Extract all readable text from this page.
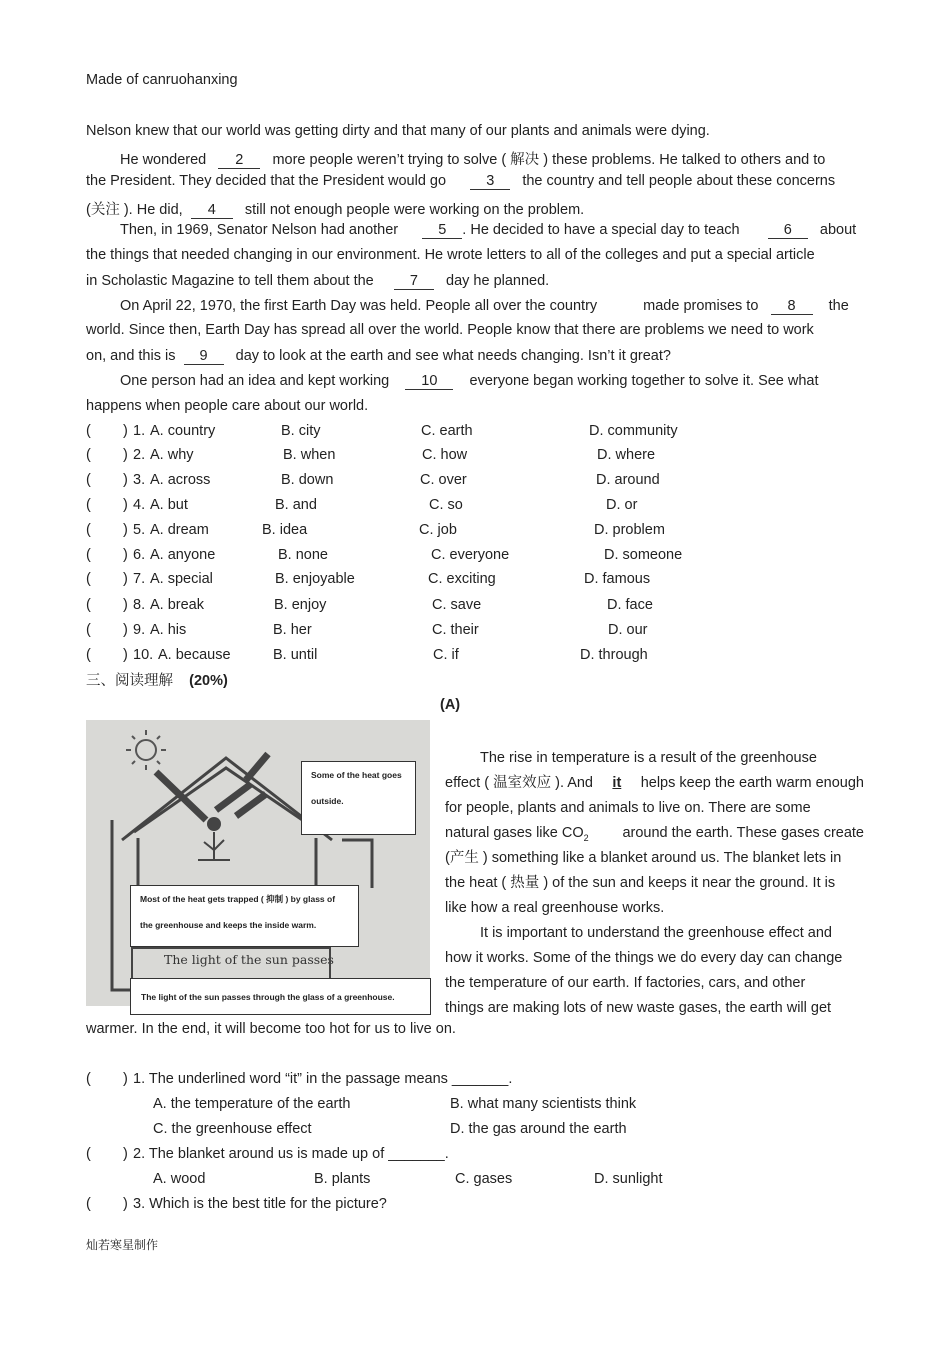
Made of canruohanxing
Nelson knew that our world was getting dirty and that many of our plants and animals were dying.
He wondered 2 more people weren’t trying to solve ( 解决 ) these problems. He talked to others and to
the President. They decided that the President would go	3 the country and tell people about these concerns
(关注 ). He did, 4 still not enough people were working on the problem.
Then, in 1969, Senator Nelson had another	5 . He decided to have a special day to teach	6 about
the things that needed changing in our environment. He wrote letters to all of the colleges and put a special article
in Scholastic Magazine to tell them about the 7 day he planned.
On April 22, 1970, the first Earth Day was held. People all over the country	made promises to 8 the
world. Since then, Earth Day has spread all over the world. People know that there are problems we need to work
on, and this is 9 day to look at the earth and see what needs changing. Isn’t it great?
One person had an idea and kept working 10 everyone began working together to solve it. See what
happens when people care about our world.
( ) 1. A. country	B. city	C. earth	D. community
( ) 2. A. why	B. when	C. how	D. where
( ) 3. A. across	B. down	C. over	D. around
( ) 4. A. but	B. and	C. so	D. or
( ) 5. A. dream	B. idea	C. job	D. problem
( ) 6. A. anyone	B. none	C. everyone	D. someone
( ) 7. A. special	B. enjoyable	C. exciting	D. famous
( ) 8. A. break	B. enjoy	C. save	D. face
( ) 9. A. his	B. her	C. their	D. our
( ) 10. A. because	B. until	C. if	D. through
三、阅读理解 (20%)
(A)
The light of the sun passes
Some of the heat goes outside.
Most of the heat gets trapped ( 抑制 ) by glass of the greenhouse and keeps the inside warm.
The light of the sun passes through the glass of a greenhouse.
The rise in temperature is a result of the greenhouse
effect ( 温室效应 ). And it helps keep the earth warm enough
for people, plants and animals to live on. There are some
natural gases like $CO_2$ around the earth. These gases create
(产生 ) something like a blanket around us. The blanket lets in
the heat ( 热量 ) of the sun and keeps it near the ground. It is
like how a real greenhouse works.
It is important to understand the greenhouse effect and
how it works. Some of the things we do every day can change
the temperature of our earth. If factories, cars, and other
things are making lots of new waste gases, the earth will get
warmer. In the end, it will become too hot for us to live on.
( ) 1. The underlined word “it” in the passage means _______.
A. the temperature of the earth	B. what many scientists think
C. the greenhouse effect	D. the gas around the earth
( ) 2. The blanket around us is made up of _______.
A. wood	B. plants	C. gases	D. sunlight
( ) 3. Which is the best title for the picture?
灿若寒星制作
